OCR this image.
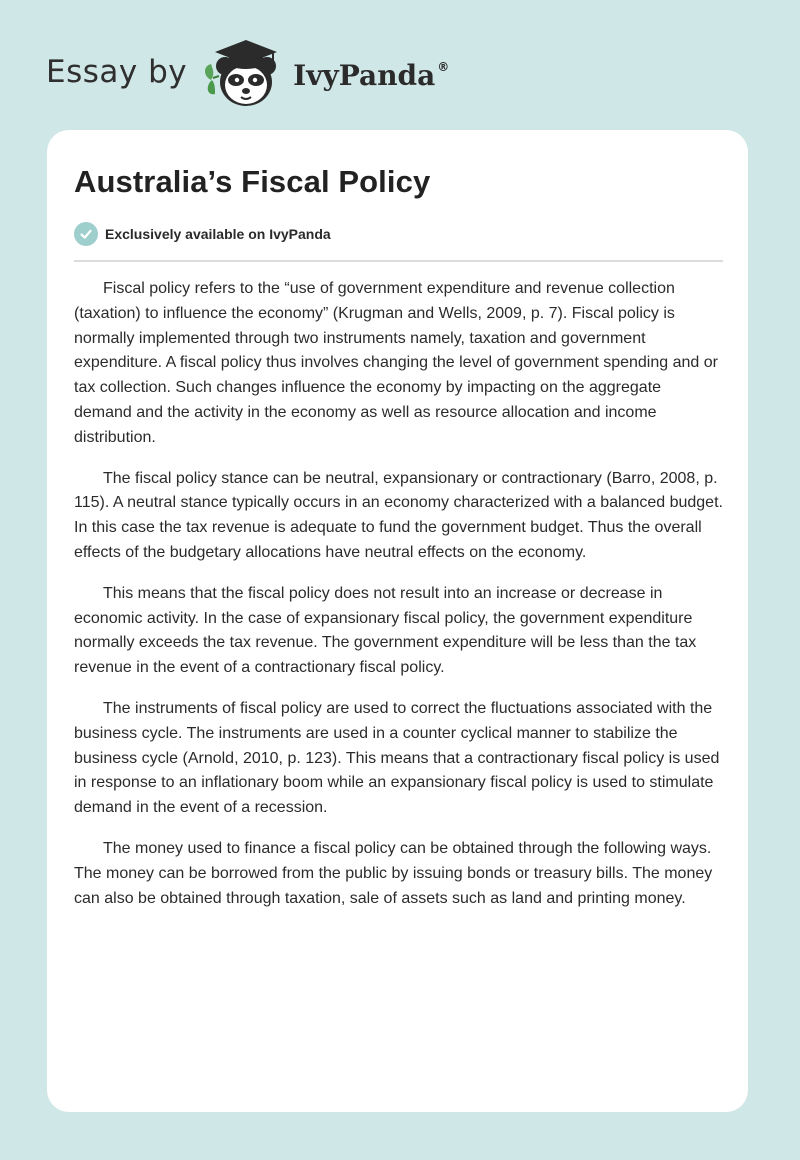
Essay by	IvyPanda ®
Australia’s Fiscal Policy
Exclusively available on IvyPanda

Fiscal policy refers to the “use of government expenditure and revenue collection (taxation) to influence the economy” (Krugman and Wells, 2009, p. 7). Fiscal policy is normally implemented through two instruments namely, taxation and government expenditure. A fiscal policy thus involves changing the level of government spending and or tax collection. Such changes influence the economy by impacting on the aggregate demand and the activity in the economy as well as resource allocation and income distribution.

The fiscal policy stance can be neutral, expansionary or contractionary (Barro, 2008, p. 115). A neutral stance typically occurs in an economy characterized with a balanced budget. In this case the tax revenue is adequate to fund the government budget. Thus the overall effects of the budgetary allocations have neutral effects on the economy.

This means that the fiscal policy does not result into an increase or decrease in economic activity. In the case of expansionary fiscal policy, the government expenditure normally exceeds the tax revenue. The government expenditure will be less than the tax revenue in the event of a contractionary fiscal policy.

The instruments of fiscal policy are used to correct the fluctuations associated with the business cycle. The instruments are used in a counter cyclical manner to stabilize the business cycle (Arnold, 2010, p. 123). This means that a contractionary fiscal policy is used in response to an inflationary boom while an expansionary fiscal policy is used to stimulate demand in the event of a recession.

The money used to finance a fiscal policy can be obtained through the following ways. The money can be borrowed from the public by issuing bonds or treasury bills. The money can also be obtained through taxation, sale of assets such as land and printing money.
